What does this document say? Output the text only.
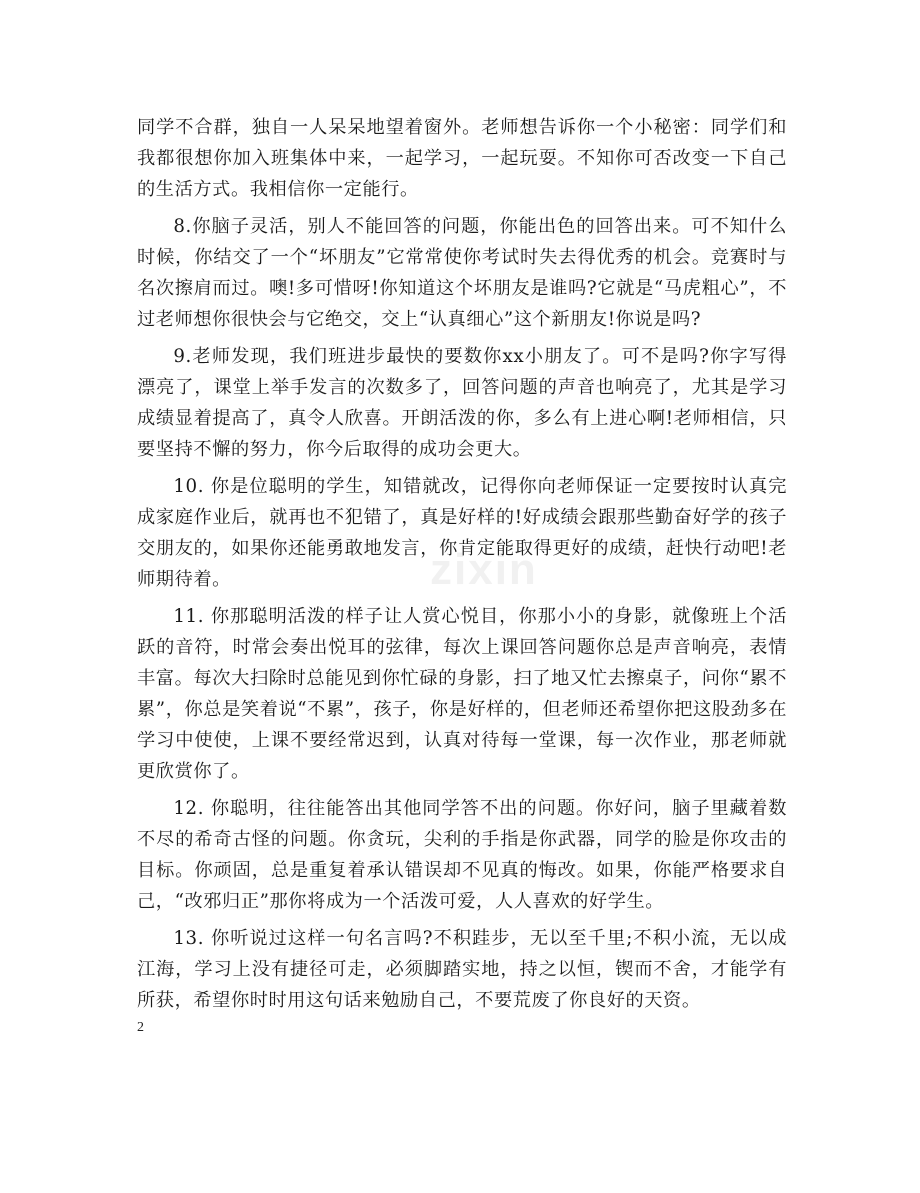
zixin

同学不合群，独自一人呆呆地望着窗外。老师想告诉你一个小秘密：同学们和我都很想你加入班集体中来，一起学习，一起玩耍。不知你可否改变一下自己的生活方式。我相信你一定能行。

8.你脑子灵活，别人不能回答的问题，你能出色的回答出来。可不知什么时候，你结交了一个“坏朋友”它常常使你考试时失去得优秀的机会。竞赛时与名次擦肩而过。噢!多可惜呀!你知道这个坏朋友是谁吗?它就是“马虎粗心”，不过老师想你很快会与它绝交，交上“认真细心”这个新朋友!你说是吗?

9.老师发现，我们班进步最快的要数你xx小朋友了。可不是吗?你字写得漂亮了，课堂上举手发言的次数多了，回答问题的声音也响亮了，尤其是学习成绩显着提高了，真令人欣喜。开朗活泼的你，多么有上进心啊!老师相信，只要坚持不懈的努力，你今后取得的成功会更大。

10. 你是位聪明的学生，知错就改，记得你向老师保证一定要按时认真完成家庭作业后，就再也不犯错了，真是好样的!好成绩会跟那些勤奋好学的孩子交朋友的，如果你还能勇敢地发言，你肯定能取得更好的成绩，赶快行动吧!老师期待着。

11. 你那聪明活泼的样子让人赏心悦目，你那小小的身影，就像班上个活跃的音符，时常会奏出悦耳的弦律，每次上课回答问题你总是声音响亮，表情丰富。每次大扫除时总能见到你忙碌的身影，扫了地又忙去擦桌子，问你“累不累”，你总是笑着说“不累”，孩子，你是好样的，但老师还希望你把这股劲多在学习中使使，上课不要经常迟到，认真对待每一堂课，每一次作业，那老师就更欣赏你了。

12. 你聪明，往往能答出其他同学答不出的问题。你好问，脑子里藏着数不尽的希奇古怪的问题。你贪玩，尖利的手指是你武器，同学的脸是你攻击的目标。你顽固，总是重复着承认错误却不见真的悔改。如果，你能严格要求自己，“改邪归正”那你将成为一个活泼可爱，人人喜欢的好学生。

13. 你听说过这样一句名言吗?不积跬步，无以至千里;不积小流，无以成江海，学习上没有捷径可走，必须脚踏实地，持之以恒，锲而不舍，才能学有所获，希望你时时用这句话来勉励自己，不要荒废了你良好的天资。

2
